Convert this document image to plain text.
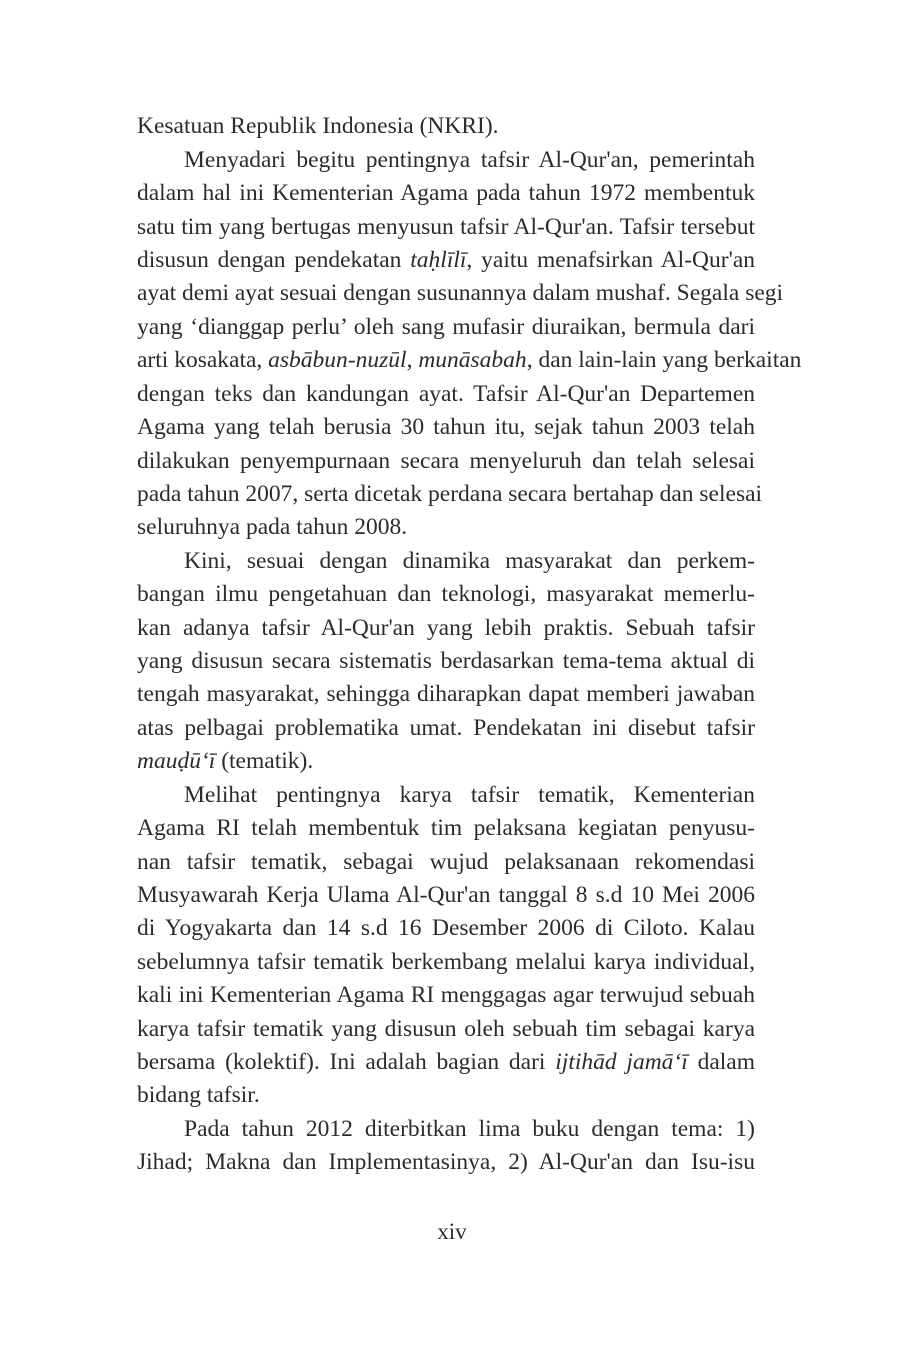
Kesatuan Republik Indonesia (NKRI).
Menyadari begitu pentingnya tafsir Al-Qur'an, pemerintah
dalam hal ini Kementerian Agama pada tahun 1972 membentuk
satu tim yang bertugas menyusun tafsir Al-Qur'an. Tafsir tersebut
disusun dengan pendekatan taḥlīlī, yaitu menafsirkan Al-Qur'an
ayat demi ayat sesuai dengan susunannya dalam mushaf. Segala segi
yang ‘dianggap perlu’ oleh sang mufasir diuraikan, bermula dari
arti kosakata, asbābun-nuzūl, munāsabah, dan lain-lain yang berkaitan
dengan teks dan kandungan ayat. Tafsir Al-Qur'an Departemen
Agama yang telah berusia 30 tahun itu, sejak tahun 2003 telah
dilakukan penyempurnaan secara menyeluruh dan telah selesai
pada tahun 2007, serta dicetak perdana secara bertahap dan selesai
seluruhnya pada tahun 2008.
Kini, sesuai dengan dinamika masyarakat dan perkem-
bangan ilmu pengetahuan dan teknologi, masyarakat memerlu-
kan adanya tafsir Al-Qur'an yang lebih praktis. Sebuah tafsir
yang disusun secara sistematis berdasarkan tema-tema aktual di
tengah masyarakat, sehingga diharapkan dapat memberi jawaban
atas pelbagai problematika umat. Pendekatan ini disebut tafsir
mauḍū‘ī (tematik).
Melihat pentingnya karya tafsir tematik, Kementerian
Agama RI telah membentuk tim pelaksana kegiatan penyusu-
nan tafsir tematik, sebagai wujud pelaksanaan rekomendasi
Musyawarah Kerja Ulama Al-Qur'an tanggal 8 s.d 10 Mei 2006
di Yogyakarta dan 14 s.d 16 Desember 2006 di Ciloto. Kalau
sebelumnya tafsir tematik berkembang melalui karya individual,
kali ini Kementerian Agama RI menggagas agar terwujud sebuah
karya tafsir tematik yang disusun oleh sebuah tim sebagai karya
bersama (kolektif). Ini adalah bagian dari ijtihād jamā‘ī dalam
bidang tafsir.
Pada tahun 2012 diterbitkan lima buku dengan tema: 1)
Jihad; Makna dan Implementasinya, 2) Al-Qur'an dan Isu-isu
xiv
